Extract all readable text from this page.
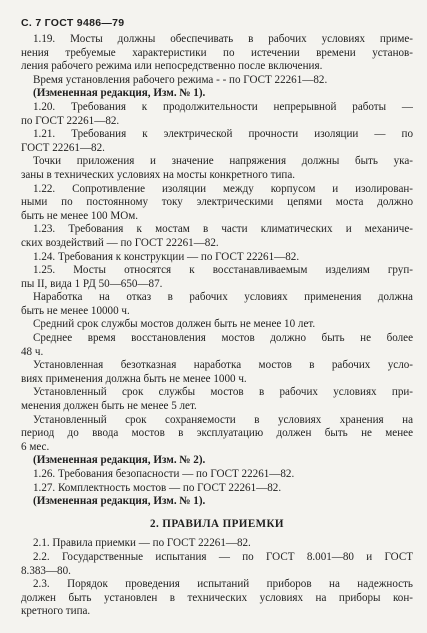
С. 7 ГОСТ 9486—79
1.19. Мосты должны обеспечивать в рабочих условиях приме-
нения требуемые характеристики по истечении времени установ-
ления рабочего режима или непосредственно после включения.
Время установления рабочего режима - - по ГОСТ 22261—82.
(Измененная редакция, Изм. № 1).
1.20. Требования к продолжительности непрерывной работы —
по ГОСТ 22261—82.
1.21. Требования к электрической прочности изоляции — по
ГОСТ 22261—82.
Точки приложения и значение напряжения должны быть ука-
заны в технических условиях на мосты конкретного типа.
1.22. Сопротивление изоляции между корпусом и изолирован-
ными по постоянному току электрическими цепями моста должно
быть не менее 100 МОм.
1.23. Требования к мостам в части климатических и механиче-
ских воздействий — по ГОСТ 22261—82.
1.24. Требования к конструкции — по ГОСТ 22261—82.
1.25. Мосты относятся к восстанавливаемым изделиям груп-
пы II, вида 1 РД 50—650—87.
Наработка на отказ в рабочих условиях применения должна
быть не менее 10000 ч.
Средний срок службы мостов должен быть не менее 10 лет.
Среднее время восстановления мостов должно быть не более
48 ч.
Установленная безотказная наработка мостов в рабочих усло-
виях применения должна быть не менее 1000 ч.
Установленный срок службы мостов в рабочих условиях при-
менения должен быть не менее 5 лет.
Установленный срок сохраняемости в условиях хранения на
период до ввода мостов в эксплуатацию должен быть не менее
6 мес.
(Измененная редакция, Изм. № 2).
1.26. Требования безопасности — по ГОСТ 22261—82.
1.27. Комплектность мостов — по ГОСТ 22261—82.
(Измененная редакция, Изм. № 1).
2. ПРАВИЛА ПРИЕМКИ
2.1. Правила приемки — по ГОСТ 22261—82.
2.2. Государственные испытания — по ГОСТ 8.001—80 и ГОСТ
8.383—80.
2.3. Порядок проведения испытаний приборов на надежность
должен быть установлен в технических условиях на приборы кон-
кретного типа.
